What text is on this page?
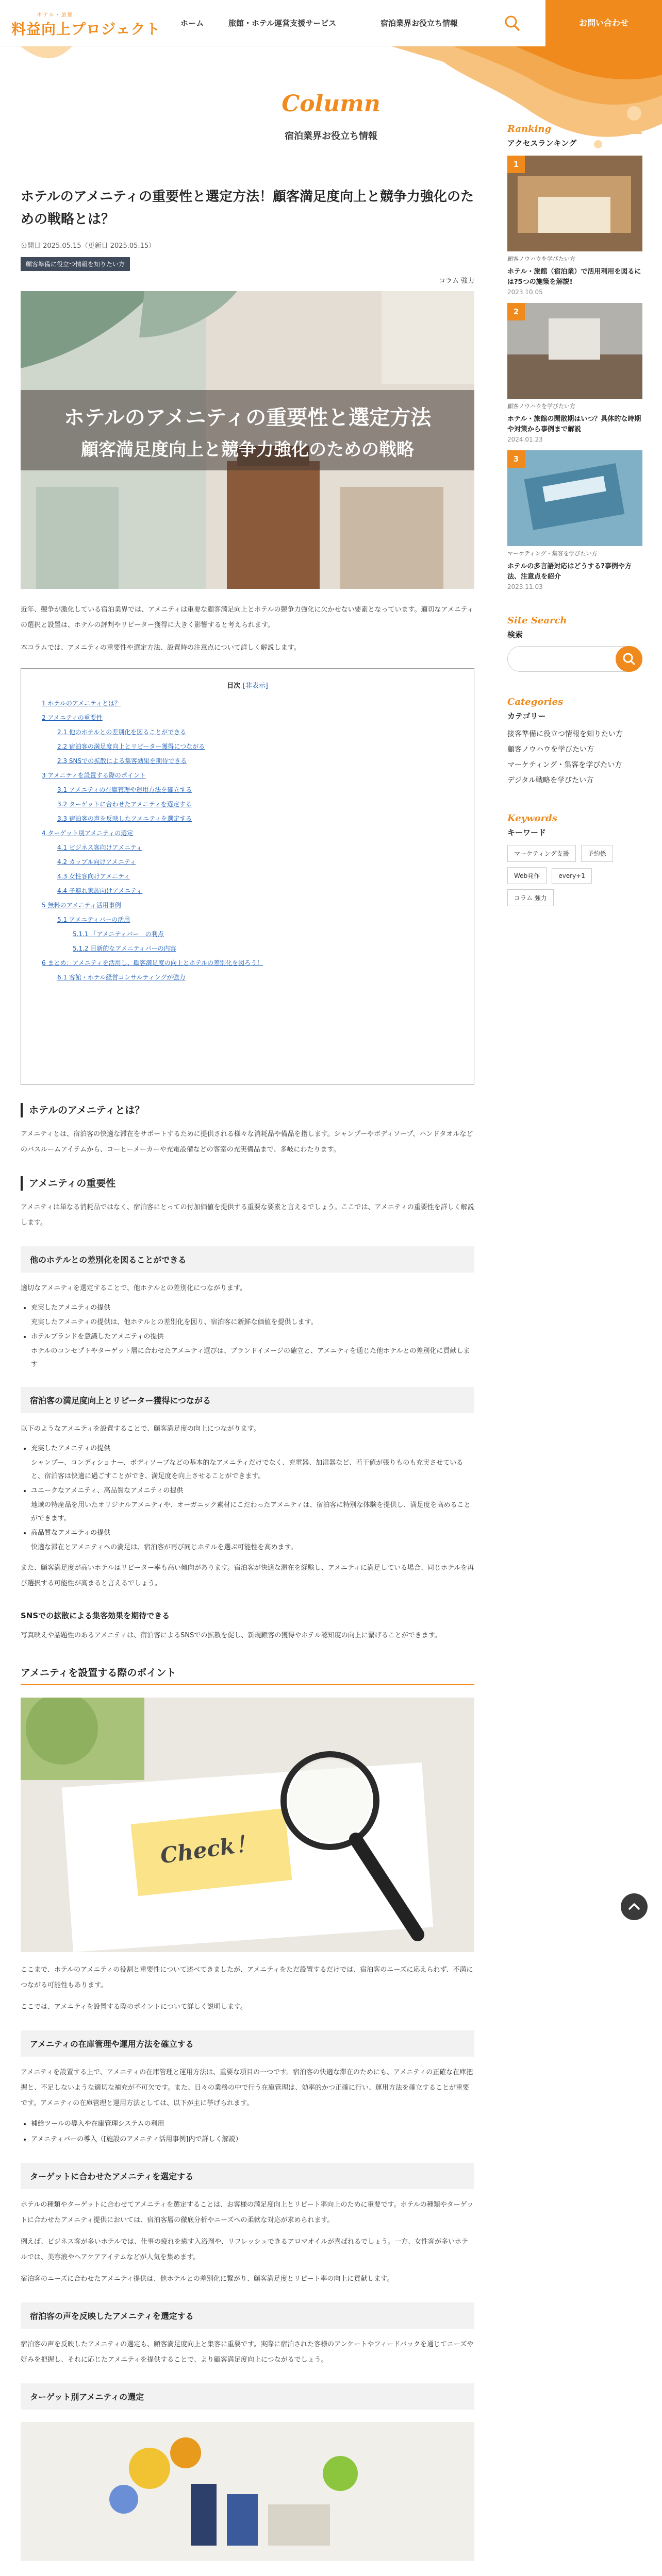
ホテル・旅館
料益向上プロジェクト	ホーム	旅館・ホテル運営支援サービス	宿泊業界お役立ち情報	お問い合わせ
Column
宿泊業界お役立ち情報
ホテルのアメニティの重要性と選定方法！顧客満足度向上と競争力強化のための戦略とは？
公開日 2025.05.15（更新日 2025.05.15）
顧客準備に役立つ情報を知りたい方
コラム 強力
ホテルのアメニティの重要性と選定方法
顧客満足度向上と競争力強化のための戦略

近年、競争が激化している宿泊業界では、アメニティは重要な顧客満足向上とホテルの競争力強化に欠かせない要素となっています。適切なアメニティの選択と設置は、ホテルの評判やリピーター獲得に大きく影響すると考えられます。

本コラムでは、アメニティの重要性や選定方法、設置時の注意点について詳しく解説します。

目次 [非表示]
1 ホテルのアメニティとは？
2 アメニティの重要性
2.1 他のホテルとの差別化を図ることができる
2.2 宿泊客の満足度向上とリピーター獲得につながる
2.3 SNSでの拡散による集客効果を期待できる
3 アメニティを設置する際のポイント
3.1 アメニティの在庫管理や運用方法を確立する
3.2 ターゲットに合わせたアメニティを選定する
3.3 宿泊客の声を反映したアメニティを選定する
4 ターゲット別アメニティの選定
4.1 ビジネス客向けアメニティ
4.2 カップル向けアメニティ
4.3 女性客向けアメニティ
4.4 子連れ家族向けアメニティ
5 無料のアメニティ活用事例
5.1 アメニティバーの活用
5.1.1 「アメニティバー」の利点
5.1.2 目新的なアメニティバーの内容
6 まとめ：アメニティを活用し、顧客満足度の向上とホテルの差別化を図ろう！
6.1 客館・ホテル経営コンサルティングが強力
ホテルのアメニティとは？

アメニティとは、宿泊客の快適な滞在をサポートするために提供される様々な消耗品や備品を指します。シャンプーやボディソープ、ハンドタオルなどのバスルームアイテムから、コーヒーメーカーや充電設備などの客室の充実備品まで、多岐にわたります。

アメニティの重要性

アメニティは単なる消耗品ではなく、宿泊客にとっての付加価値を提供する重要な要素と言えるでしょう。ここでは、アメニティの重要性を詳しく解説します。

他のホテルとの差別化を図ることができる

適切なアメニティを選定することで、他ホテルとの差別化につながります。

• 充実したアメニティの提供
充実したアメニティの提供は、他ホテルとの差別化を図り、宿泊客に新鮮な価値を提供します。
• ホテルブランドを意識したアメニティの提供
ホテルのコンセプトやターゲット層に合わせたアメニティ選びは、ブランドイメージの確立と、アメニティを通じた他ホテルとの差別化に貢献します
宿泊客の満足度向上とリピーター獲得につながる

以下のようなアメニティを設置することで、顧客満足度の向上につながります。

• 充実したアメニティの提供
シャンプー、コンディショナー、ボディソープなどの基本的なアメニティだけでなく、充電器、加湿器など、若干値が張りものも充実させていると、宿泊客は快適に過ごすことができ、満足度を向上させることができます。
• ユニークなアメニティ、高品質なアメニティの提供
地域の特産品を用いたオリジナルアメニティや、オーガニック素材にこだわったアメニティは、宿泊客に特別な体験を提供し、満足度を高めることができます。
• 高品質なアメニティの提供
快適な滞在とアメニティへの満足は、宿泊客が再び同じホテルを選ぶ可能性を高めます。

また、顧客満足度が高いホテルはリピーター率も高い傾向があります。宿泊客が快適な滞在を経験し、アメニティに満足している場合、同じホテルを再び選択する可能性が高まると言えるでしょう。

SNSでの拡散による集客効果を期待できる

写真映えや話題性のあるアメニティは、宿泊客によるSNSでの拡散を促し、新規顧客の獲得やホテル認知度の向上に繋げることができます。

アメニティを設置する際のポイント
Check！

ここまで、ホテルのアメニティの役割と重要性について述べてきましたが、アメニティをただ設置するだけでは、宿泊客のニーズに応えられず、不満につながる可能性もあります。

ここでは、アメニティを設置する際のポイントについて詳しく説明します。

アメニティの在庫管理や運用方法を確立する

アメニティを設置する上で、アメニティの在庫管理と運用方法は、重要な項目の一つです。宿泊客の快適な滞在のためにも、アメニティの正確な在庫把握と、不足しないような適切な補充が不可欠です。また、日々の業務の中で行う在庫管理は、効率的かつ正確に行い、運用方法を確立することが重要です。アメニティの在庫管理と運用方法としては、以下が主に挙げられます。

• 補給ツールの導入や在庫管理システムの利用
• アメニティバーの導入（[施設のアメニティ活用事例]内で詳しく解説）
ターゲットに合わせたアメニティを選定する

ホテルの種類やターゲットに合わせてアメニティを選定することは、お客様の満足度向上とリピート率向上のために重要です。ホテルの種類やターゲットに合わせたアメニティ提供においては、宿泊客層の徹底分析やニーズへの柔軟な対応が求められます。

例えば、ビジネス客が多いホテルでは、仕事の疲れを癒す入浴剤や、リフレッシュできるアロマオイルが喜ばれるでしょう。一方、女性客が多いホテルでは、美容液やヘアケアアイテムなどが人気を集めます。

宿泊客のニーズに合わせたアメニティ提供は、他ホテルとの差別化に繋がり、顧客満足度とリピート率の向上に貢献します。

宿泊客の声を反映したアメニティを選定する

宿泊客の声を反映したアメニティの選定も、顧客満足度向上と集客に重要です。実際に宿泊された客様のアンケートやフィードバックを通じてニーズや好みを把握し、それに応じたアメニティを提供することで、より顧客満足度向上につながるでしょう。

ターゲット別アメニティの選定
Ranking
アクセスランキング
1
顧客ノウハウを学びたい方
ホテル・旅館（宿泊業）で活用利用を図るには?5つの施策を解説!
2023.10.05
2
顧客ノウハウを学びたい方
ホテル・旅館の閑散期はいつ？具体的な時期や対策から事例まで解説
2024.01.23
3
マーケティング・集客を学びたい方
ホテルの多言語対応はどうする?事例や方法、注意点を紹介
2023.11.03
Site Search
検索
Categories
カテゴリー
接客準備に役立つ情報を知りたい方
顧客ノウハウを学びたい方
マーケティング・集客を学びたい方
デジタル戦略を学びたい方
Keywords
キーワード
マーケティング支援	予約係 Web発作	every+1 コラム 強力
